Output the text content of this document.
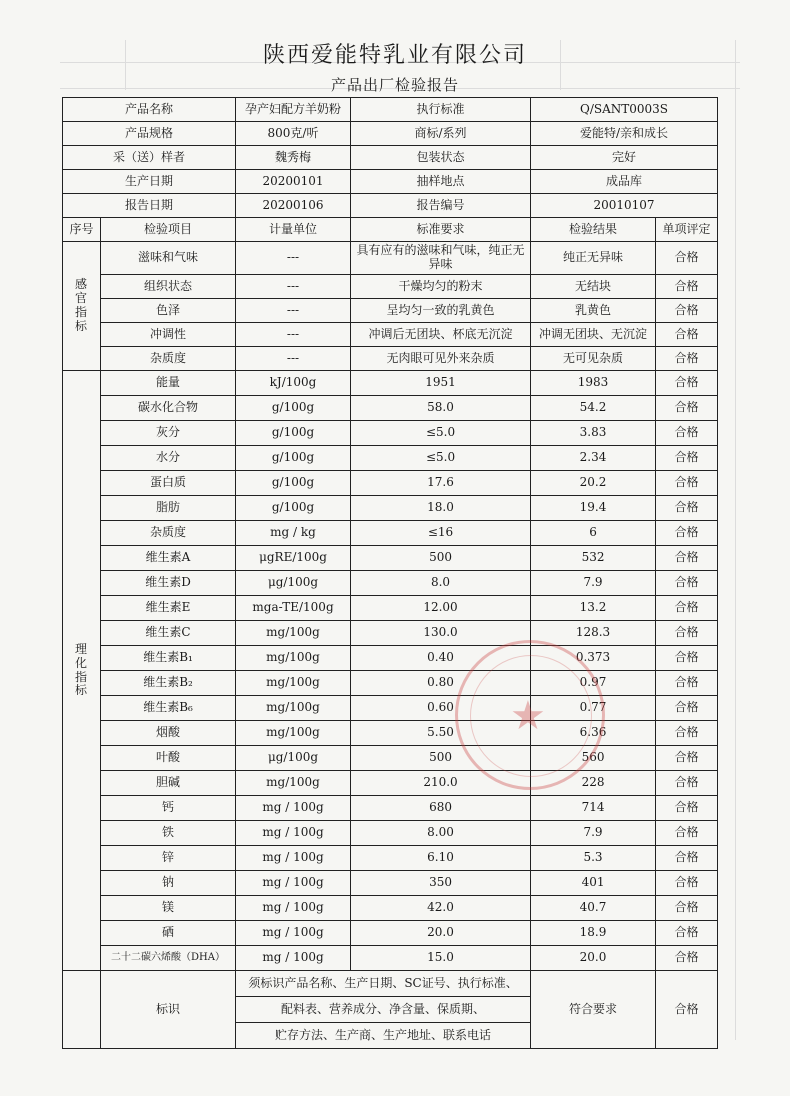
陕西爱能特乳业有限公司
产品出厂检验报告
产品名称		孕产妇配方羊奶粉	执行标准	Q/SANT0003S	
产品规格		800克/听	商标/系列	爱能特/亲和成长	
采（送）样者		魏秀梅	包装状态	完好	
生产日期		20200101	抽样地点	成品库	
报告日期		20200106	报告编号	20010107	
序号	检验项目	计量单位	标准要求	检验结果	单项评定
感官指标	滋味和气味	---	具有应有的滋味和气味，纯正无异味	纯正无异味	合格
	组织状态	---	干燥均匀的粉末	无结块	合格
	色泽	---	呈均匀一致的乳黄色	乳黄色	合格
	冲调性	---	冲调后无团块、杯底无沉淀	冲调无团块、无沉淀	合格
	杂质度	---	无肉眼可见外来杂质	无可见杂质	合格
理化指标	能量	kJ/100g	1951	1983	合格
	碳水化合物	g/100g	58.0	54.2	合格
	灰分	g/100g	≤5.0	3.83	合格
	水分	g/100g	≤5.0	2.34	合格
	蛋白质	g/100g	17.6	20.2	合格
	脂肪	g/100g	18.0	19.4	合格
	杂质度	mg / kg	≤16	6	合格
	维生素A	μgRE/100g	500	532	合格
	维生素D	μg/100g	8.0	7.9	合格
	维生素E	mga-TE/100g	12.00	13.2	合格
	维生素C	mg/100g	130.0	128.3	合格
	维生素B₁	mg/100g	0.40	0.373	合格
	维生素B₂	mg/100g	0.80	0.97	合格
	维生素B₆	mg/100g	0.60	0.77	合格
	烟酸	mg/100g	5.50	6.36	合格
	叶酸	μg/100g	500	560	合格
	胆碱	mg/100g	210.0	228	合格
	钙	mg / 100g	680	714	合格
	铁	mg / 100g	8.00	7.9	合格
	锌	mg / 100g	6.10	5.3	合格
	钠	mg / 100g	350	401	合格
	镁	mg / 100g	42.0	40.7	合格
	硒	mg / 100g	20.0	18.9	合格
	二十二碳六烯酸（DHA）	mg / 100g	15.0	20.0	合格
	标识	须标识产品名称、生产日期、SC证号、执行标准、
配料表、营养成分、净含量、保质期、
贮存方法、生产商、生产地址、联系电话		符合要求	合格
★
